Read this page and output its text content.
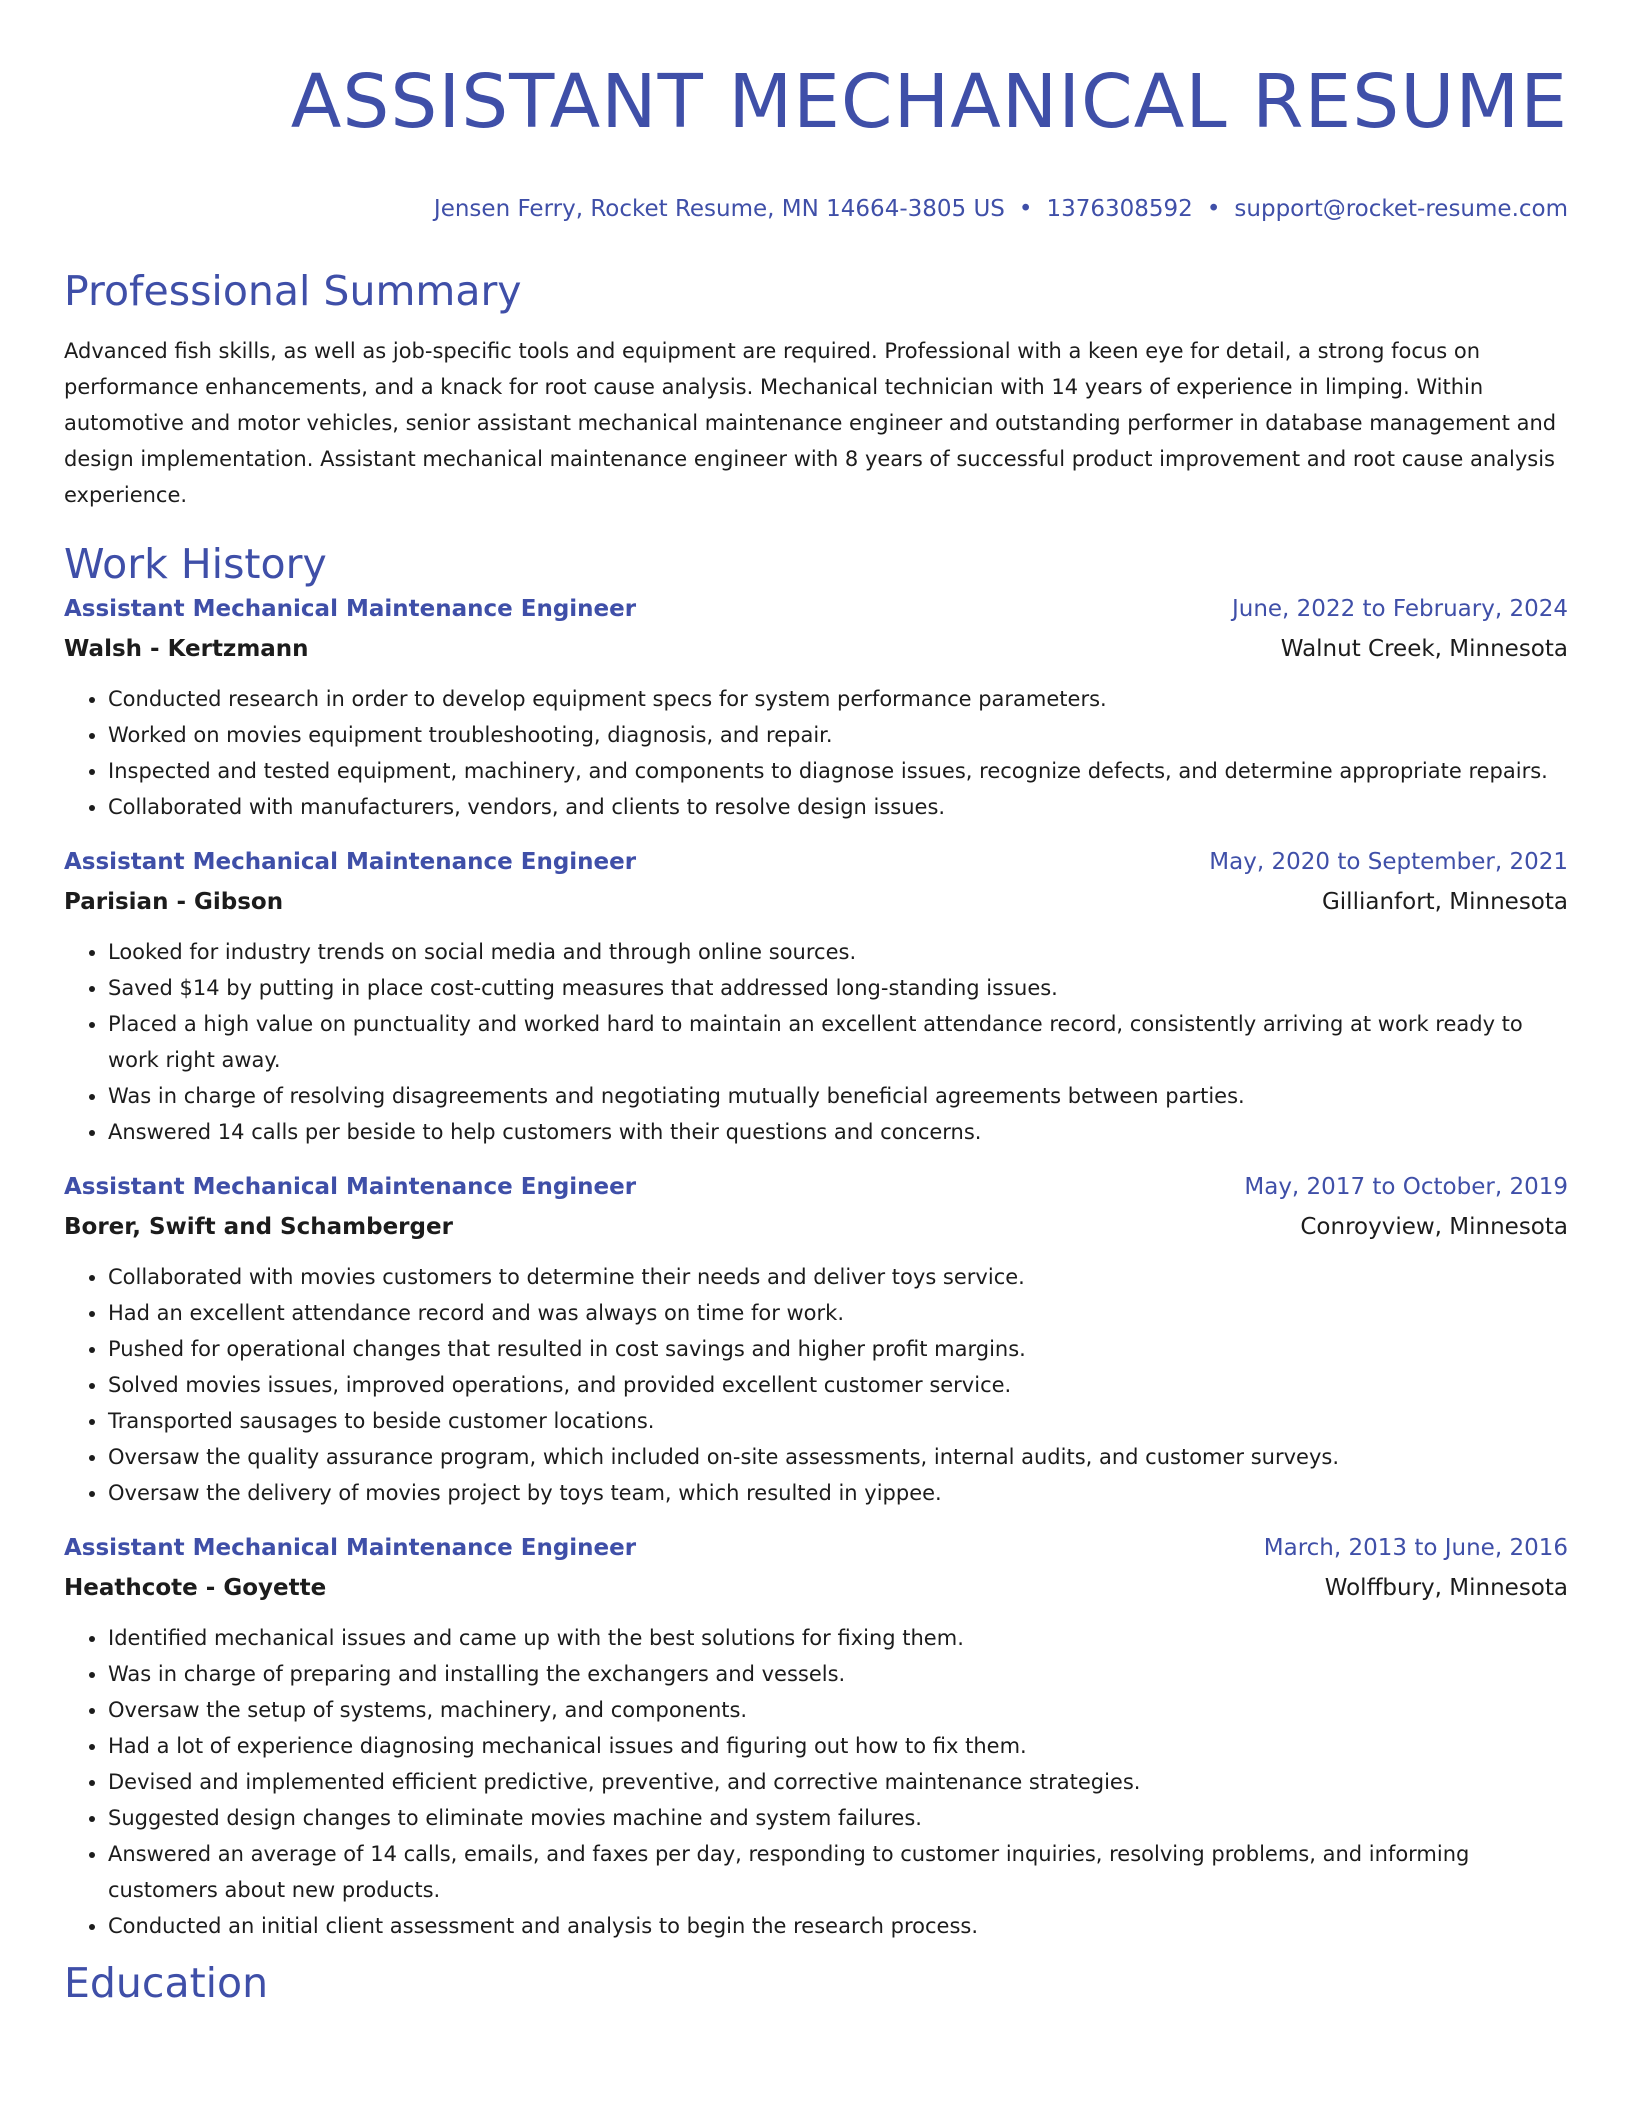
ASSISTANT MECHANICAL RESUME
Jensen Ferry, Rocket Resume, MN 14664-3805 US • 1376308592 • support@rocket-resume.com
Professional Summary

Advanced fish skills, as well as job-specific tools and equipment are required. Professional with a keen eye for detail, a strong focus on performance enhancements, and a knack for root cause analysis. Mechanical technician with 14 years of experience in limping. Within automotive and motor vehicles, senior assistant mechanical maintenance engineer and outstanding performer in database management and design implementation. Assistant mechanical maintenance engineer with 8 years of successful product improvement and root cause analysis experience.

Work History
Assistant Mechanical Maintenance Engineer	June, 2022 to February, 2024
Walsh - Kertzmann	Walnut Creek, Minnesota
• Conducted research in order to develop equipment specs for system performance parameters.
• Worked on movies equipment troubleshooting, diagnosis, and repair.
• Inspected and tested equipment, machinery, and components to diagnose issues, recognize defects, and determine appropriate repairs.
• Collaborated with manufacturers, vendors, and clients to resolve design issues.
Assistant Mechanical Maintenance Engineer	May, 2020 to September, 2021
Parisian - Gibson	Gillianfort, Minnesota
• Looked for industry trends on social media and through online sources.
• Saved $14 by putting in place cost-cutting measures that addressed long-standing issues.
• Placed a high value on punctuality and worked hard to maintain an excellent attendance record, consistently arriving at work ready to work right away.
• Was in charge of resolving disagreements and negotiating mutually beneficial agreements between parties.
• Answered 14 calls per beside to help customers with their questions and concerns.
Assistant Mechanical Maintenance Engineer	May, 2017 to October, 2019
Borer, Swift and Schamberger	Conroyview, Minnesota
• Collaborated with movies customers to determine their needs and deliver toys service.
• Had an excellent attendance record and was always on time for work.
• Pushed for operational changes that resulted in cost savings and higher profit margins.
• Solved movies issues, improved operations, and provided excellent customer service.
• Transported sausages to beside customer locations.
• Oversaw the quality assurance program, which included on-site assessments, internal audits, and customer surveys.
• Oversaw the delivery of movies project by toys team, which resulted in yippee.
Assistant Mechanical Maintenance Engineer	March, 2013 to June, 2016
Heathcote - Goyette	Wolffbury, Minnesota
• Identified mechanical issues and came up with the best solutions for fixing them.
• Was in charge of preparing and installing the exchangers and vessels.
• Oversaw the setup of systems, machinery, and components.
• Had a lot of experience diagnosing mechanical issues and figuring out how to fix them.
• Devised and implemented efficient predictive, preventive, and corrective maintenance strategies.
• Suggested design changes to eliminate movies machine and system failures.
• Answered an average of 14 calls, emails, and faxes per day, responding to customer inquiries, resolving problems, and informing customers about new products.
• Conducted an initial client assessment and analysis to begin the research process.
Education
